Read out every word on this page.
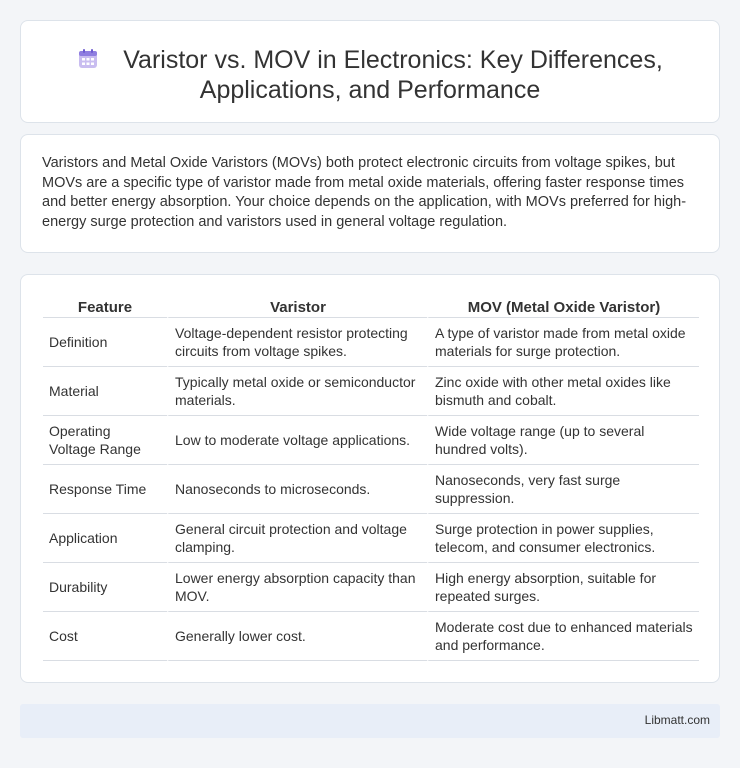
Varistor vs. MOV in Electronics: Key Differences,
Applications, and Performance

Varistors and Metal Oxide Varistors (MOVs) both protect electronic circuits from voltage spikes, but MOVs are a specific type of varistor made from metal oxide materials, offering faster response times and better energy absorption. Your choice depends on the application, with MOVs preferred for high-energy surge protection and varistors used in general voltage regulation.

Feature	Varistor	MOV (Metal Oxide Varistor)
Definition	Voltage-dependent resistor protecting circuits from voltage spikes.	A type of varistor made from metal oxide materials for surge protection.
Material	Typically metal oxide or semiconductor materials.	Zinc oxide with other metal oxides like bismuth and cobalt.
Operating Voltage Range	Low to moderate voltage applications.	Wide voltage range (up to several hundred volts).
Response Time	Nanoseconds to microseconds.	Nanoseconds, very fast surge suppression.
Application	General circuit protection and voltage clamping.	Surge protection in power supplies, telecom, and consumer electronics.
Durability	Lower energy absorption capacity than MOV.	High energy absorption, suitable for repeated surges.
Cost	Generally lower cost.	Moderate cost due to enhanced materials and performance.
Libmatt.com
